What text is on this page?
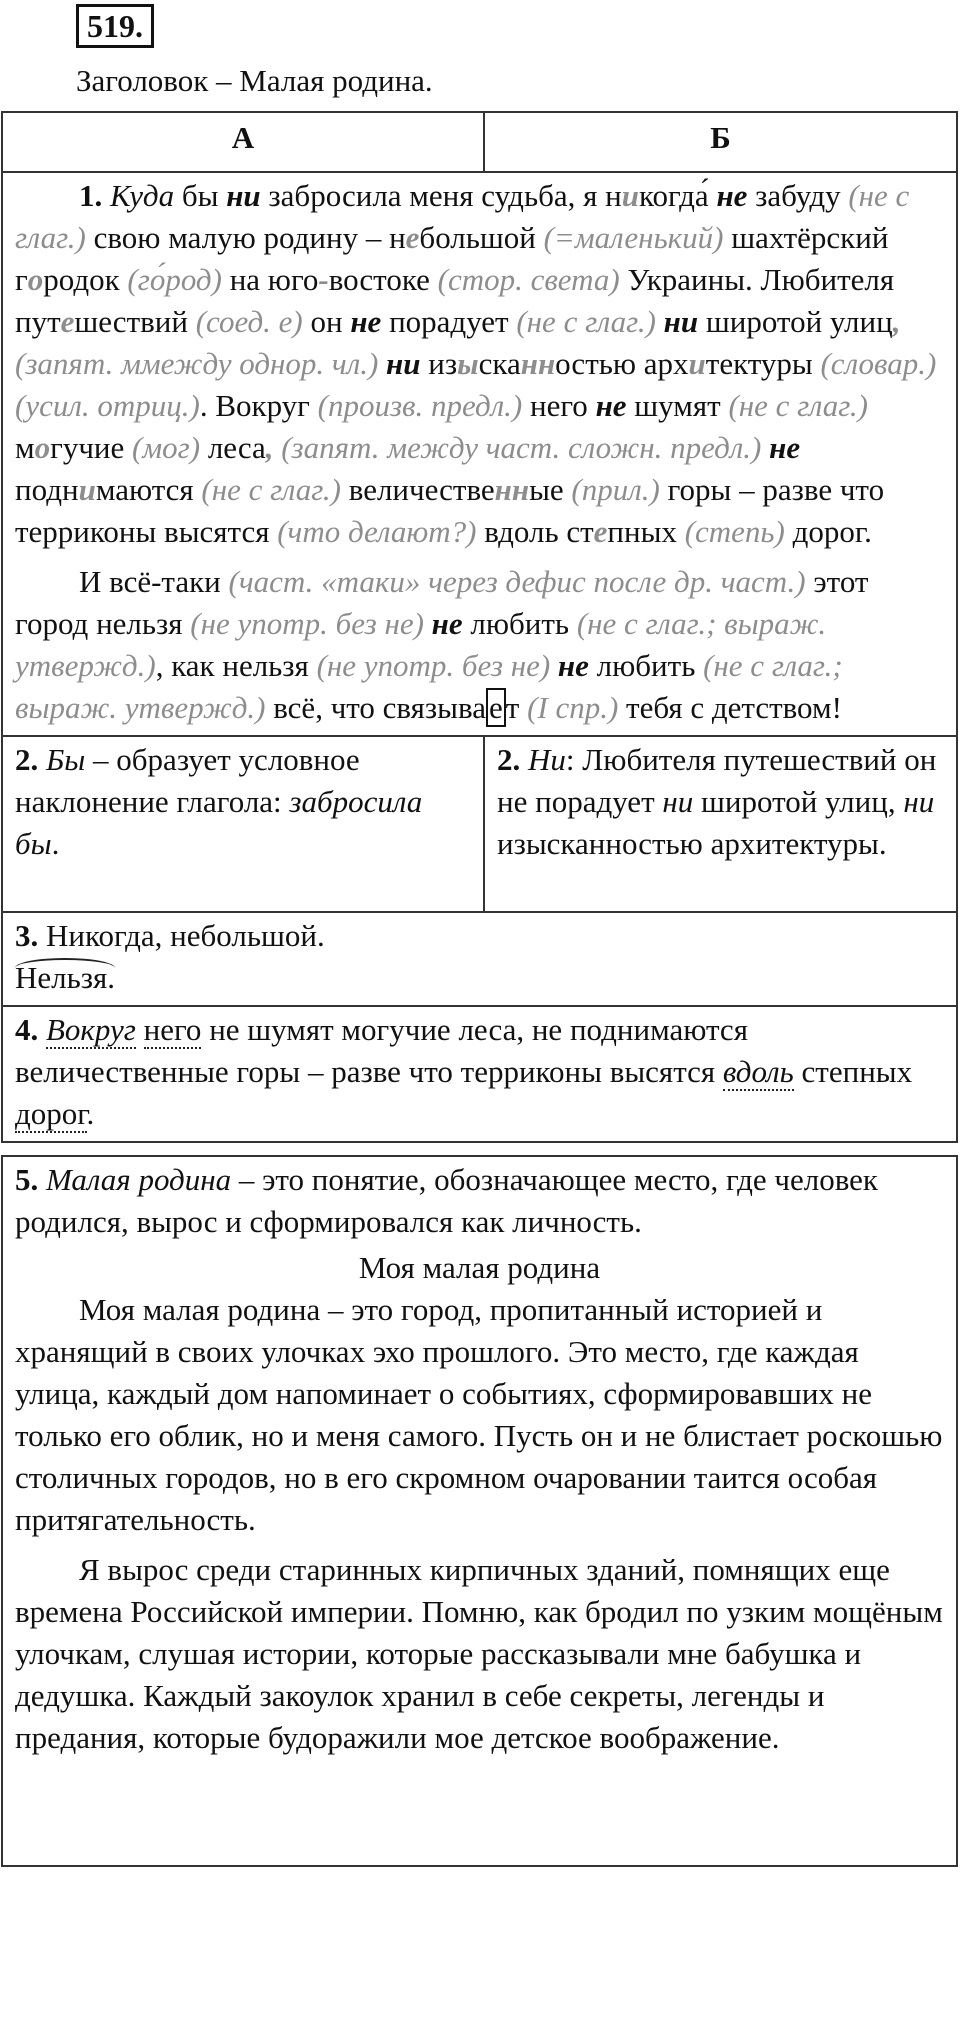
519.
Заголовок – Малая родина.
А	Б

1. Куда бы ни забросила меня судьба, я никогда́ не забуду (не с глаг.) свою малую родину – небольшой (=маленький) шахтёрский городок (го́род) на юго-востоке (стор. света) Украины. Любителя путешествий (соед. е) он не порадует (не с глаг.) ни широтой улиц, (запят. ммежду однор. чл.) ни изысканностью архитектуры (словар.) (усил. отриц.). Вокруг (произв. предл.) него не шумят (не с глаг.) могучие (мог) леса, (запят. между част. сложн. предл.) не поднимаются (не с глаг.) величественные (прил.) горы – разве что терриконы высятся (что делают?) вдоль степных (степь) дорог.

И всё-таки (част. «таки» через дефис после др. част.) этот город нельзя (не употр. без не) не любить (не с глаг.; выраж. утвержд.), как нельзя (не употр. без не) не любить (не с глаг.; выраж. утвержд.) всё, что связывает (I спр.) тебя с детством!	

2. Бы – образует условное наклонение глагола: забросила бы.	2. Ни: Любителя путешествий он не порадует ни широтой улиц, ни изысканностью архитектуры.

3. Никогда, небольшой.
Нельзя.	

4. Вокруг него не шумят могучие леса, не поднимаются величественные горы – разве что терриконы высятся вдоль степных дорог.	

5. Малая родина – это понятие, обозначающее место, где человек родился, вырос и сформировался как личность.

Моя малая родина

Моя малая родина – это город, пропитанный историей и хранящий в своих улочках эхо прошлого. Это место, где каждая улица, каждый дом напоминает о событиях, сформировавших не только его облик, но и меня самого. Пусть он и не блистает роскошью столичных городов, но в его скромном очаровании таится особая притягательность.

Я вырос среди старинных кирпичных зданий, помнящих еще времена Российской империи. Помню, как бродил по узким мощёным улочкам, слушая истории, которые рассказывали мне бабушка и дедушка. Каждый закоулок хранил в себе секреты, легенды и предания, которые будоражили мое детское воображение.
